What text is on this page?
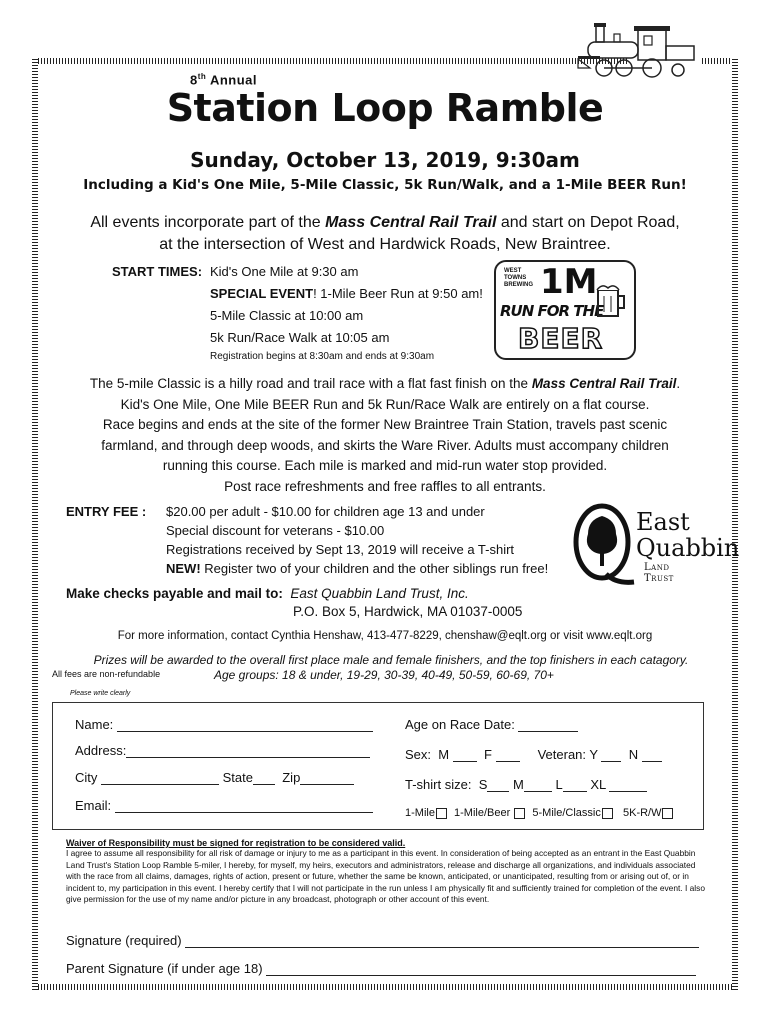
8th Annual
Station Loop Ramble
Sunday, October 13, 2019, 9:30am
Including a Kid's One Mile, 5-Mile Classic, 5k Run/Walk, and a 1-Mile BEER Run!
All events incorporate part of the Mass Central Rail Trail and start on Depot Road,
at the intersection of West and Hardwick Roads, New Braintree.
START TIMES: Kid's One Mile at 9:30 am
SPECIAL EVENT! 1-Mile Beer Run at 9:50 am!
5-Mile Classic at 10:00 am
5k Run/Race Walk at 10:05 am
Registration begins at 8:30am and ends at 9:30am
WEST TOWNS BREWING 1M
RUN FOR THE
BEER
The 5-mile Classic is a hilly road and trail race with a flat fast finish on the Mass Central Rail Trail.
Kid's One Mile, One Mile BEER Run and 5k Run/Race Walk are entirely on a flat course.
Race begins and ends at the site of the former New Braintree Train Station, travels past scenic
farmland, and through deep woods, and skirts the Ware River. Adults must accompany children
running this course. Each mile is marked and mid-run water stop provided.
Post race refreshments and free raffles to all entrants.
ENTRY FEE : $20.00 per adult - $10.00 for children age 13 and under
Special discount for veterans - $10.00
Registrations received by Sept 13, 2019 will receive a T-shirt
NEW! Register two of your children and the other siblings run free!
East
Quabbin
Land Trust
Make checks payable and mail to: East Quabbin Land Trust, Inc.
P.O. Box 5, Hardwick, MA 01037-0005
For more information, contact Cynthia Henshaw, 413-477-8229, chenshaw@eqlt.org or visit www.eqlt.org
Prizes will be awarded to the overall first place male and female finishers, and the top finishers in each catagory.
All fees are non-refundable	Age groups: 18 & under, 19-29, 30-39, 40-49, 50-59, 60-69, 70+
Please write clearly
Name:
Address:
City	State Zip
Email:
Age on Race Date:
Sex: M	F	Veteran: Y N
T-shirt size: S M L XL
1-Mile 1-Mile/Beer 5-Mile/Classic 5K-R/W
Waiver of Responsibility must be signed for registration to be considered valid.
I agree to assume all responsibility for all risk of damage or injury to me as a participant in this event. In consideration of being accepted as an entrant in the East Quabbin Land Trust's Station Loop Ramble 5-miler, I hereby, for myself, my heirs, executors and administrators, release and discharge all organizations, and individuals associated with the race from all claims, damages, rights of action, present or future, whether the same be known, anticipated, or unanticipated, resulting from or arising out of, or in incident to, my participation in this event. I hereby certify that I will not participate in the run unless I am physically fit and sufficiently trained for completion of the event. I also give permission for the use of my name and/or picture in any broadcast, photograph or other account of this event.
Signature (required)
Parent Signature (if under age 18)
